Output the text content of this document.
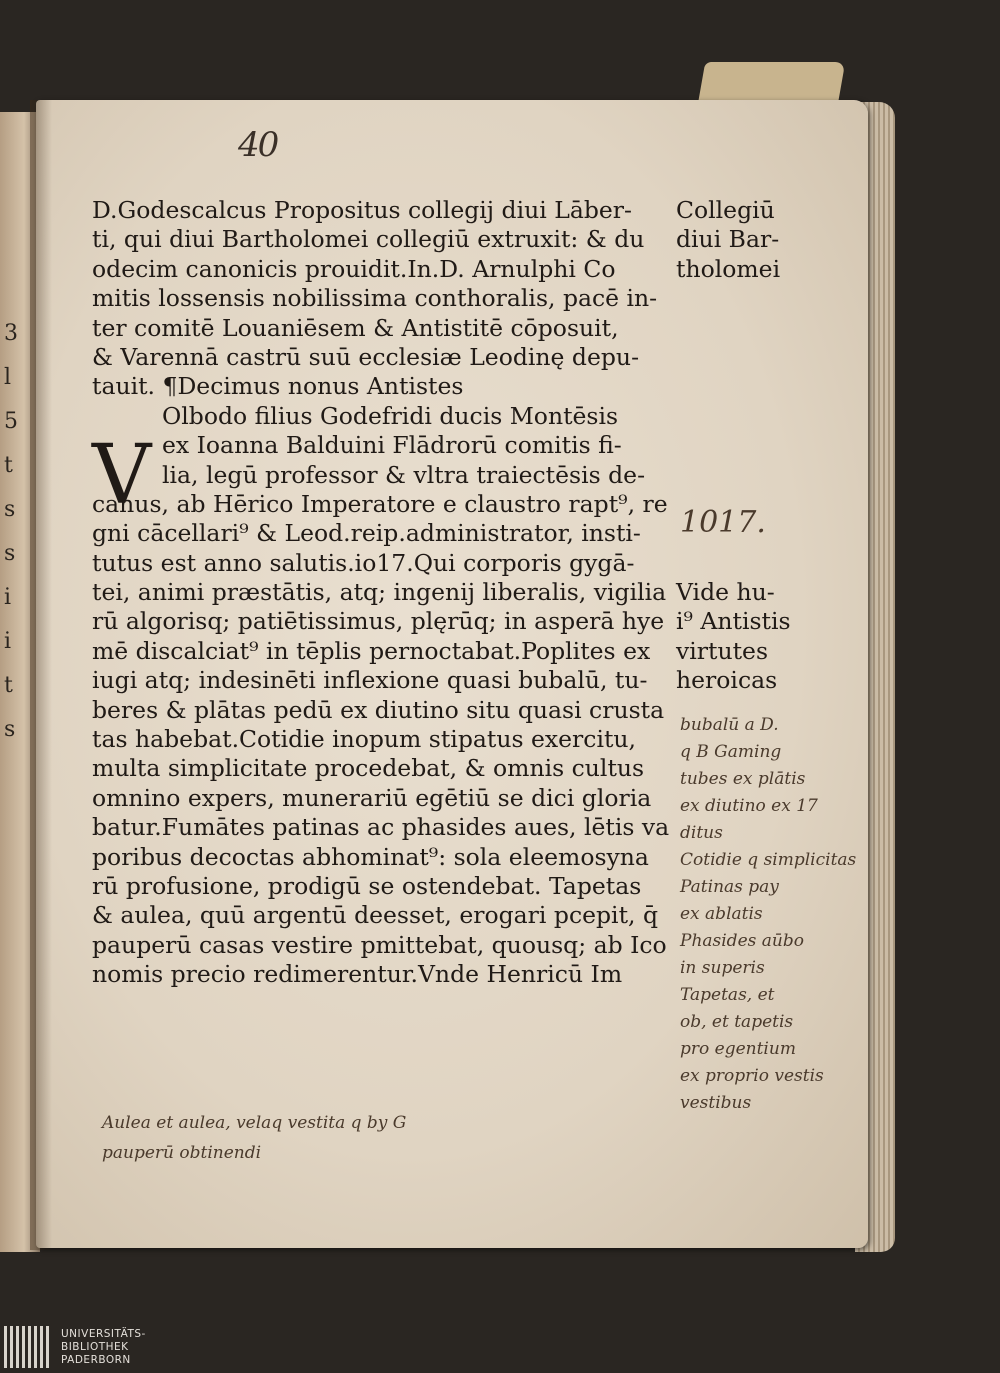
3
l
5
t
s
s
i
i
t
s
40
V
D.Godescalcus Propositus collegij diui Lāber-
ti, qui diui Bartholomei collegiū extruxit: & du
odecim canonicis prouidit.In.D. Arnulphi Co
mitis lossensis nobilissima conthoralis, pacē in-
ter comitē Louaniēsem & Antistitē cōposuit,
& Varennā castrū suū ecclesiæ Leodinę depu-
tauit. ¶Decimus nonus Antistes
Olbodo filius Godefridi ducis Montēsis
ex Ioanna Balduini Flādrorū comitis fi-
lia, legū professor & vltra traiectēsis de-
canus, ab Hērico Imperatore e claustro rapt⁹, re
gni cācellari⁹ & Leod.reip.administrator, insti-
tutus est anno salutis.io17.Qui corporis gygā-
tei, animi præstātis, atq; ingenij liberalis, vigilia
rū algorisq; patiētissimus, plęrūq; in asperā hye
mē discalciat⁹ in tēplis pernoctabat.Poplites ex
iugi atq; indesinēti inflexione quasi bubalū, tu-
beres & plātas pedū ex diutino situ quasi crusta
tas habebat.Cotidie inopum stipatus exercitu,
multa simplicitate procedebat, & omnis cultus
omnino expers, munerariū egētiū se dici gloria
batur.Fumātes patinas ac phasides aues, lētis va
poribus decoctas abhominat⁹: sola eleemosyna
rū profusione, prodigū se ostendebat. Tapetas
& aulea, quū argentū deesset, erogari pcepit, q̄
pauperū casas vestire pmittebat, quousq; ab Ico
nomis precio redimerentur.Vnde Henricū Im
Collegiū
diui Bar-
tholomei
Vide hu-
i⁹ Antistis
virtutes
heroicas
1017.
bubalū a D.
q B Gaming
tubes ex plātis
ex diutino ex 17
ditus
Cotidie q simplicitas
Patinas pay
ex ablatis
Phasides aūbo
in superis
Tapetas, et
ob, et tapetis
pro egentium
ex proprio vestis
vestibus
Aulea et aulea, velaq vestita q by G
pauperū obtinendi
UNIVERSITÄTS-
BIBLIOTHEK
PADERBORN
